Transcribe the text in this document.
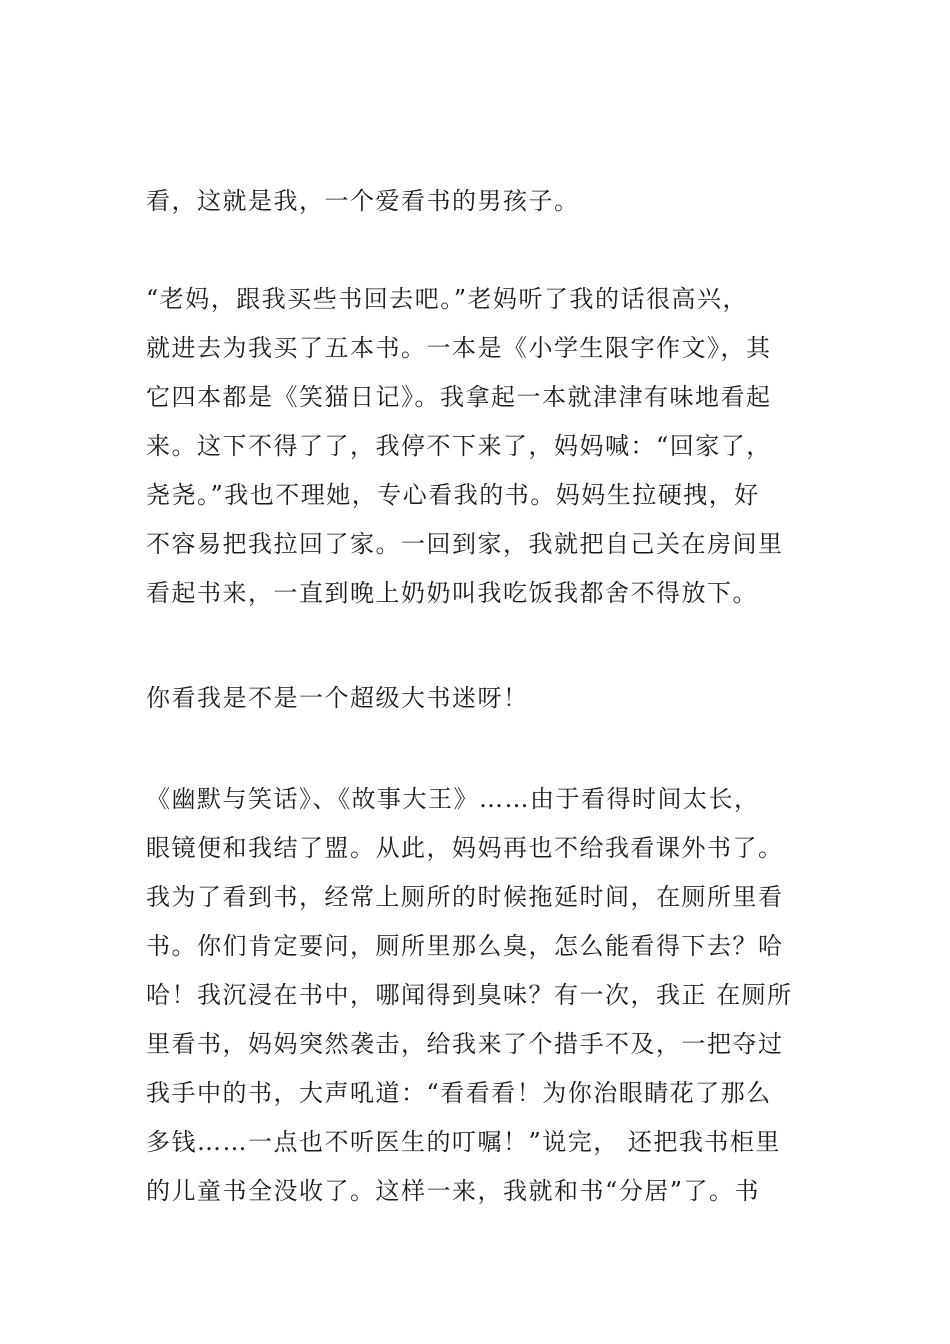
看，这就是我，一个爱看书的男孩子。
“老妈，跟我买些书回去吧。”老妈听了我的话很高兴，
就进去为我买了五本书。一本是《小学生限字作文》，其
它四本都是《笑猫日记》。我拿起一本就津津有味地看起
来。这下不得了了，我停不下来了，妈妈喊：“回家了，
尧尧。”我也不理她，专心看我的书。妈妈生拉硬拽，好
不容易把我拉回了家。一回到家，我就把自己关在房间里
看起书来，一直到晚上奶奶叫我吃饭我都舍不得放下。
你看我是不是一个超级大书迷呀！
《幽默与笑话》、《故事大王》……由于看得时间太长，
眼镜便和我结了盟。从此，妈妈再也不给我看课外书了。
我为了看到书，经常上厕所的时候拖延时间，在厕所里看
书。你们肯定要问，厕所里那么臭，怎么能看得下去？哈
哈！我沉浸在书中，哪闻得到臭味？有一次，我正 在厕所
里看书，妈妈突然袭击，给我来了个措手不及，一把夺过
我手中的书，大声吼道：“看看看！为你治眼睛花了那么
多钱……一点也不听医生的叮嘱！”说完， 还把我书柜里
的儿童书全没收了。这样一来，我就和书“分居”了。书
